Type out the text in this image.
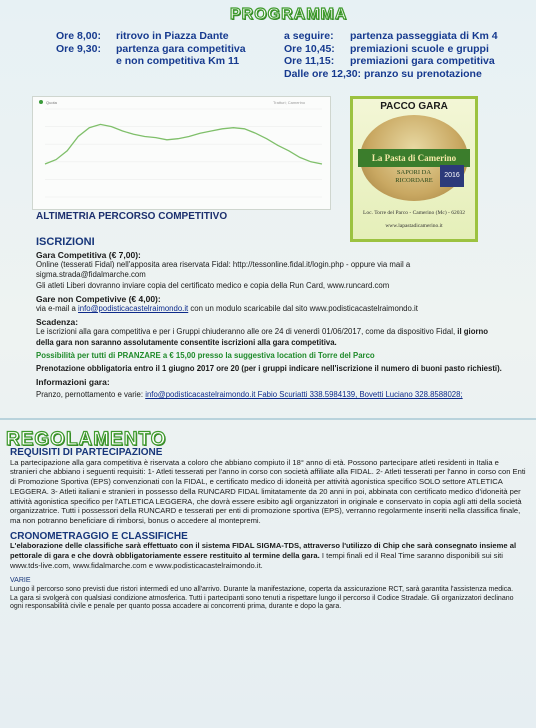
PROGRAMMA
Ore 8,00: ritrovo in Piazza Dante
Ore 9,30: partenza gara competitiva
e non competitiva Km 11
a seguire: partenza passeggiata di Km 4
Ore 10,45: premiazioni scuole e gruppi
Ore 11,15: premiazioni gara competitiva
Dalle ore 12,30: pranzo su prenotazione
Quota	Tratturi; Camerino
ALTIMETRIA PERCORSO COMPETITIVO
PACCO GARA
La Pasta di Camerino
SAPORI DA RICORDARE
2016
Loc. Torre del Parco - Camerino (Mc) - 62032
www.lapastadicamerino.it
ISCRIZIONI

Gara Competitiva (€ 7,00):

Online (tesserati Fidal) nell'apposita area riservata Fidal: http://tessonline.fidal.it/login.php - oppure via mail a sigma.strada@fidalmarche.com

Gli atleti Liberi dovranno inviare copia del certificato medico e copia della Run Card, www.runcard.com

Gare non Competivive (€ 4,00):

via e-mail a info@podisticacastelraimondo.it con un modulo scaricabile dal sito www.podisticacastelraimondo.it

Scadenza:

Le iscrizioni alla gara competitiva e per i Gruppi chiuderanno alle ore 24 di venerdì 01/06/2017, come da dispositivo Fidal, il giorno della gara non saranno assolutamente consentite iscrizioni alla gara competitiva.

Possibilità per tutti di PRANZARE a € 15,00 presso la suggestiva location di Torre del Parco

Prenotazione obbligatoria entro il 1 giugno 2017 ore 20 (per i gruppi indicare nell'iscrizione il numero di buoni pasto richiesti).

Informazioni gara:

Pranzo, pernottamento e varie: info@podisticacastelraimondo.it Fabio Scuriatti 338.5984139, Bovetti Luciano 328.8588028;

REGOLAMENTO

REQUISITI DI PARTECIPAZIONE

La partecipazione alla gara competitiva è riservata a coloro che abbiano compiuto il 18° anno di età. Possono partecipare atleti residenti in Italia e stranieri che abbiano i seguenti requisiti: 1- Atleti tesserati per l'anno in corso con società affiliate alla FIDAL. 2- Atleti tesserati per l'anno in corso con Enti di Promozione Sportiva (EPS) convenzionati con la FIDAL, e certificato medico di idoneità per attività agonistica specifico SOLO settore ATLETICA LEGGERA. 3- Atleti italiani e stranieri in possesso della RUNCARD FIDAL limitatamente da 20 anni in poi, abbinata con certificato medico d'idoneità per attività agonistica specifico per l'ATLETICA LEGGERA, che dovrà essere esibito agli organizzatori in originale e conservato in copia agli atti della società organizzatrice. Tutti i possessori della RUNCARD e tesserati per enti di promozione sportiva (EPS), verranno regolarmente inseriti nella classifica finale, ma non potranno beneficiare di rimborsi, bonus o accedere al montepremi.

CRONOMETRAGGIO E CLASSIFICHE

L'elaborazione delle classifiche sarà effettuato con il sistema FIDAL SIGMA-TDS, attraverso l'utilizzo di Chip che sarà consegnato insieme al pettorale di gara e che dovrà obbligatoriamente essere restituito al termine della gara. I tempi finali ed il Real Time saranno disponibili sui siti www.tds-live.com, www.fidalmarche.com e www.podisticacastelraimondo.it.

VARIE

Lungo il percorso sono previsti due ristori intermedi ed uno all'arrivo. Durante la manifestazione, coperta da assicurazione RCT, sarà garantita l'assistenza medica.

La gara si svolgerà con qualsiasi condizione atmosferica. Tutti i partecipanti sono tenuti a rispettare lungo il percorso il Codice Stradale. Gli organizzatori declinano ogni responsabilità civile e penale per quanto possa accadere ai concorrenti prima, durante e dopo la gara.
